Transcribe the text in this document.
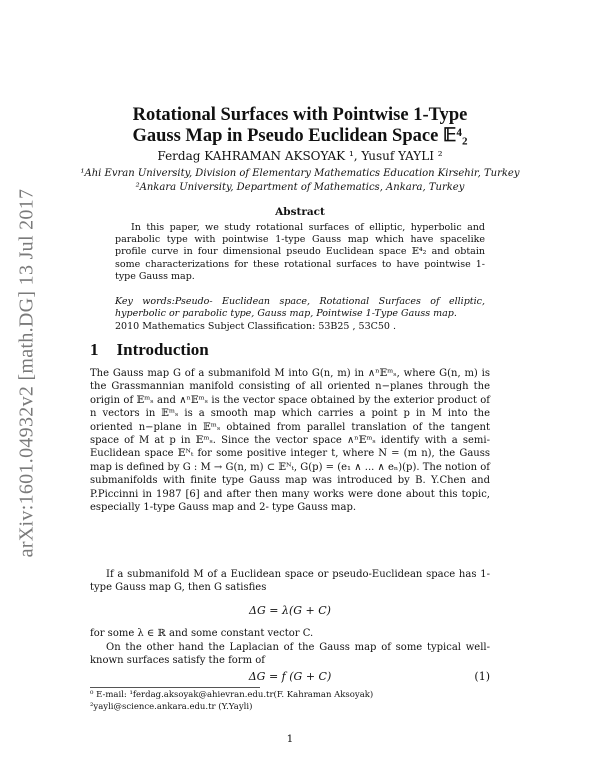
arXiv:1601.04932v2 [math.DG] 13 Jul 2017
Rotational Surfaces with Pointwise 1-Type
Gauss Map in Pseudo Euclidean Space 𝔼⁴₂
Ferdag KAHRAMAN AKSOYAK ¹, Yusuf YAYLI ²
¹Ahi Evran University, Division of Elementary Mathematics Education Kirsehir, Turkey
²Ankara University, Department of Mathematics, Ankara, Turkey
Abstract

In this paper, we study rotational surfaces of elliptic, hyperbolic and parabolic type with pointwise 1-type Gauss map which have spacelike profile curve in four dimensional pseudo Euclidean space 𝔼⁴₂ and obtain some characterizations for these rotational surfaces to have pointwise 1-type Gauss map.

Key words:Pseudo- Euclidean space, Rotational Surfaces of elliptic, hyperbolic or parabolic type, Gauss map, Pointwise 1-Type Gauss map.
2010 Mathematics Subject Classification: 53B25 , 53C50 .
1 Introduction

The Gauss map G of a submanifold M into G(n, m) in ∧ⁿ𝔼ᵐₛ, where G(n, m) is the Grassmannian manifold consisting of all oriented n−planes through the origin of 𝔼ᵐₛ and ∧ⁿ𝔼ᵐₛ is the vector space obtained by the exterior product of n vectors in 𝔼ᵐₛ is a smooth map which carries a point p in M into the oriented n−plane in 𝔼ᵐₛ obtained from parallel translation of the tangent space of M at p in 𝔼ᵐₛ. Since the vector space ∧ⁿ𝔼ᵐₛ identify with a semi-Euclidean space 𝔼ᴺₜ for some positive integer t, where N = (m n), the Gauss map is defined by G : M → G(n, m) ⊂ 𝔼ᴺₜ, G(p) = (e₁ ∧ ... ∧ eₙ)(p). The notion of submanifolds with finite type Gauss map was introduced by B. Y.Chen and P.Piccinni in 1987 [6] and after then many works were done about this topic, especially 1-type Gauss map and 2- type Gauss map.

If a submanifold M of a Euclidean space or pseudo-Euclidean space has 1-type Gauss map G, then G satisfies

ΔG = λ(G + C)

for some λ ∈ ℝ and some constant vector C.

On the other hand the Laplacian of the Gauss map of some typical well-known surfaces satisfy the form of

ΔG = f (G + C)	(1)
⁰ E-mail: ¹ferdag.aksoyak@ahievran.edu.tr(F. Kahraman Aksoyak)
²yayli@science.ankara.edu.tr (Y.Yayli)
1
